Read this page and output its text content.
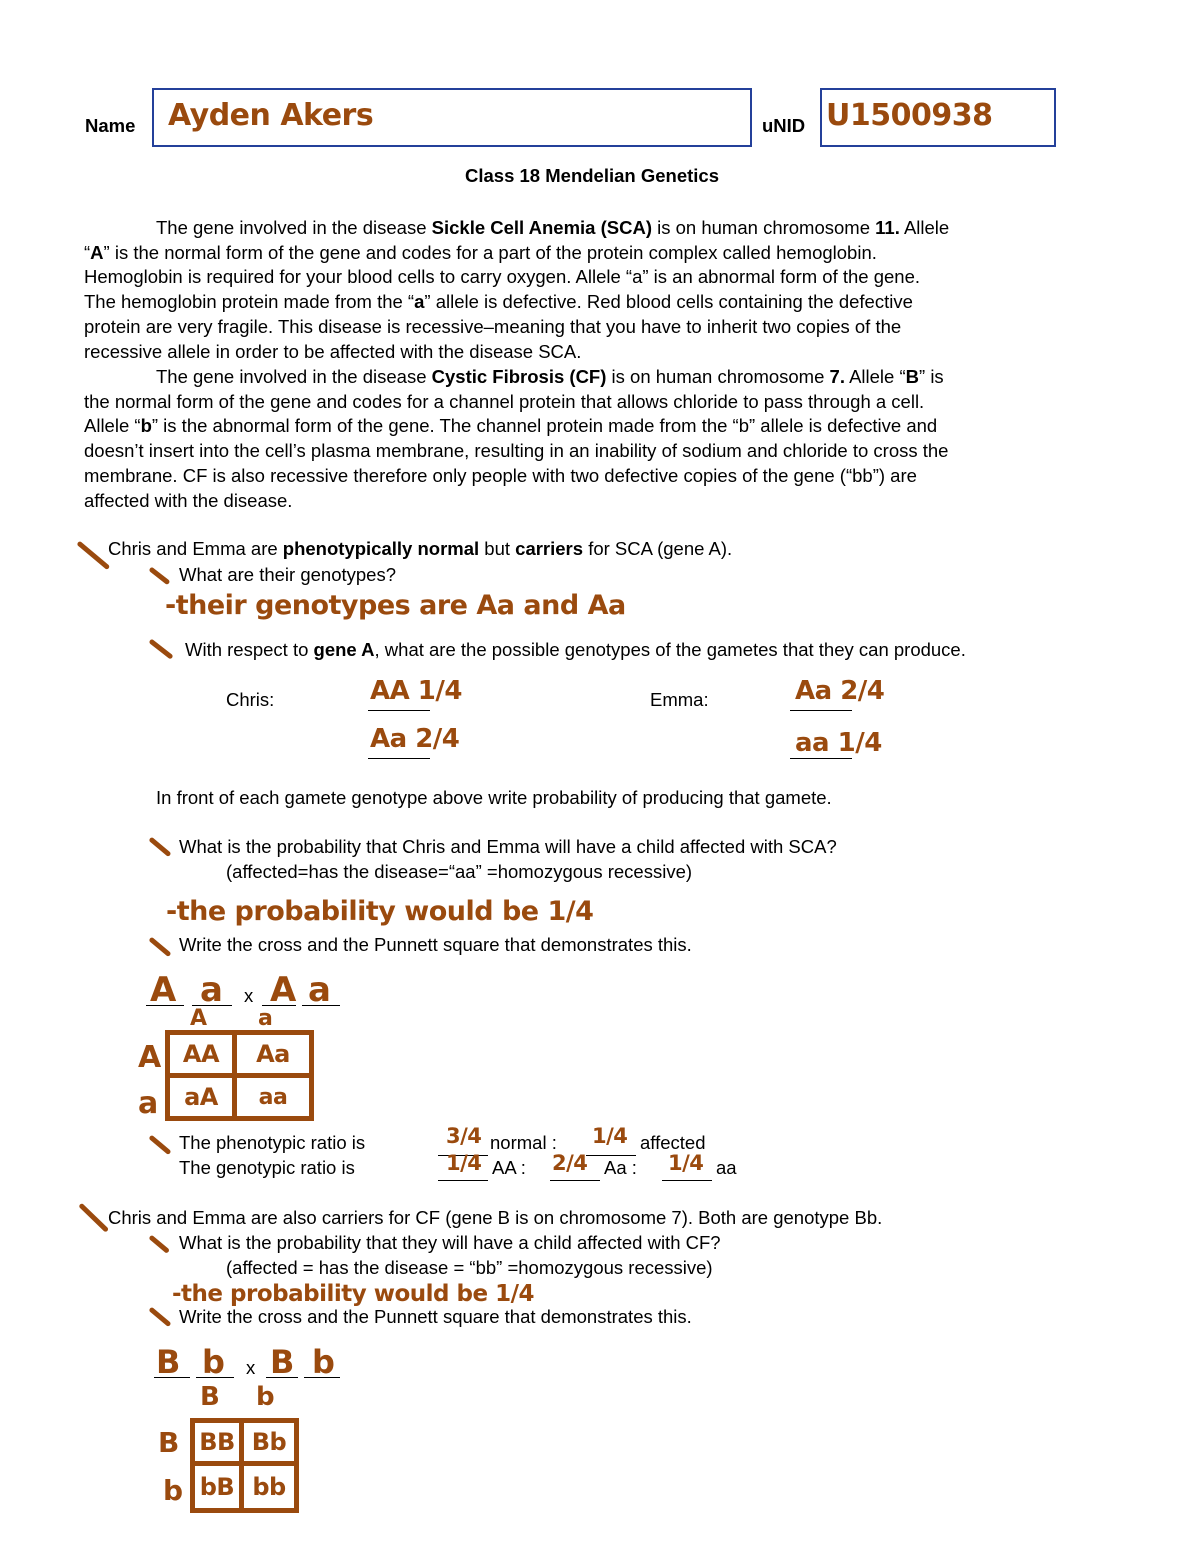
Name Ayden Akers	uNID U1500938
Class 18 Mendelian Genetics
The gene involved in the disease Sickle Cell Anemia (SCA) is on human chromosome 11. Allele
“A” is the normal form of the gene and codes for a part of the protein complex called hemoglobin.
Hemoglobin is required for your blood cells to carry oxygen. Allele “a” is an abnormal form of the gene.
The hemoglobin protein made from the “a” allele is defective. Red blood cells containing the defective
protein are very fragile. This disease is recessive–meaning that you have to inherit two copies of the
recessive allele in order to be affected with the disease SCA.
The gene involved in the disease Cystic Fibrosis (CF) is on human chromosome 7. Allele “B” is
the normal form of the gene and codes for a channel protein that allows chloride to pass through a cell.
Allele “b” is the abnormal form of the gene. The channel protein made from the “b” allele is defective and
doesn’t insert into the cell’s plasma membrane, resulting in an inability of sodium and chloride to cross the
membrane. CF is also recessive therefore only people with two defective copies of the gene (“bb”) are
affected with the disease.
Chris and Emma are phenotypically normal but carriers for SCA (gene A).
What are their genotypes?
-their genotypes are Aa and Aa
With respect to gene A, what are the possible genotypes of the gametes that they can produce.
Chris:	AA 1/4
Aa 2/4
Emma:	Aa 2/4
aa 1/4
In front of each gamete genotype above write probability of producing that gamete.
What is the probability that Chris and Emma will have a child affected with SCA?
(affected=has the disease=“aa” =homozygous recessive)
-the probability would be 1/4
Write the cross and the Punnett square that demonstrates this.
A a x A a
A a
A
a
AA	Aa
aA	aa
The phenotypic ratio is	3/4 normal : 1/4 affected
The genotypic ratio is	1/4 AA : 2/4 Aa : 1/4 aa
Chris and Emma are also carriers for CF (gene B is on chromosome 7). Both are genotype Bb.
What is the probability that they will have a child affected with CF?
(affected = has the disease = “bb” =homozygous recessive)
-the probability would be 1/4
Write the cross and the Punnett square that demonstrates this.
B b x B b
B b
B
b
BB	Bb
bB	bb
